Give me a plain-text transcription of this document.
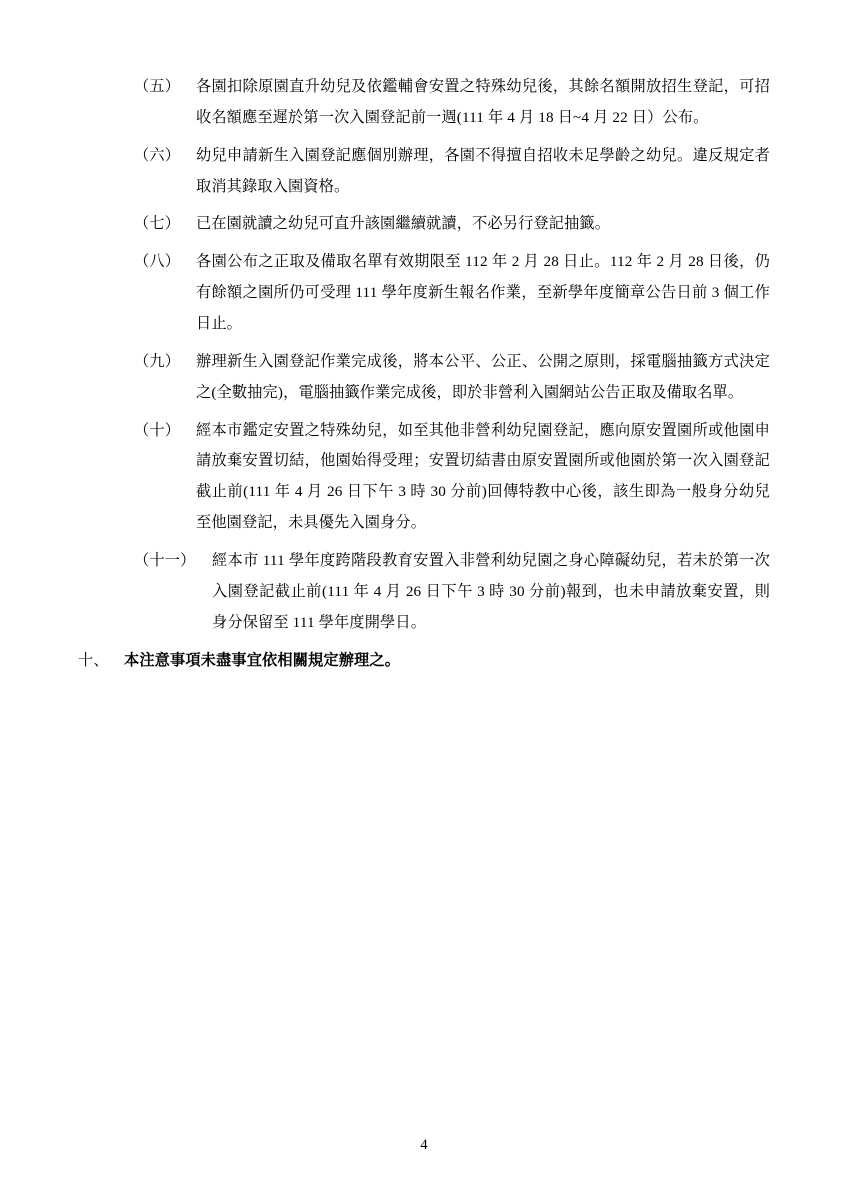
（五）	各園扣除原園直升幼兒及依鑑輔會安置之特殊幼兒後，其餘名額開放招生登記，可招收名額應至遲於第一次入園登記前一週(111 年 4 月 18 日~4 月 22 日）公布。
（六）	幼兒申請新生入園登記應個別辦理，各園不得擅自招收未足學齡之幼兒。違反規定者取消其錄取入園資格。
（七）	已在園就讀之幼兒可直升該園繼續就讀，不必另行登記抽籤。
（八）	各園公布之正取及備取名單有效期限至 112 年 2 月 28 日止。112 年 2 月 28 日後，仍有餘額之園所仍可受理 111 學年度新生報名作業，至新學年度簡章公告日前 3 個工作日止。
（九）	辦理新生入園登記作業完成後，將本公平、公正、公開之原則，採電腦抽籤方式決定之(全數抽完)，電腦抽籤作業完成後，即於非營利入園網站公告正取及備取名單。
（十）	經本市鑑定安置之特殊幼兒，如至其他非營利幼兒園登記，應向原安置園所或他園申請放棄安置切結，他園始得受理；安置切結書由原安置園所或他園於第一次入園登記截止前(111 年 4 月 26 日下午 3 時 30 分前)回傳特教中心後，該生即為一般身分幼兒至他園登記，未具優先入園身分。
（十一）	經本市 111 學年度跨階段教育安置入非營利幼兒園之身心障礙幼兒，若未於第一次入園登記截止前(111 年 4 月 26 日下午 3 時 30 分前)報到，也未申請放棄安置，則身分保留至 111 學年度開學日。
十、	本注意事項未盡事宜依相關規定辦理之。
4
